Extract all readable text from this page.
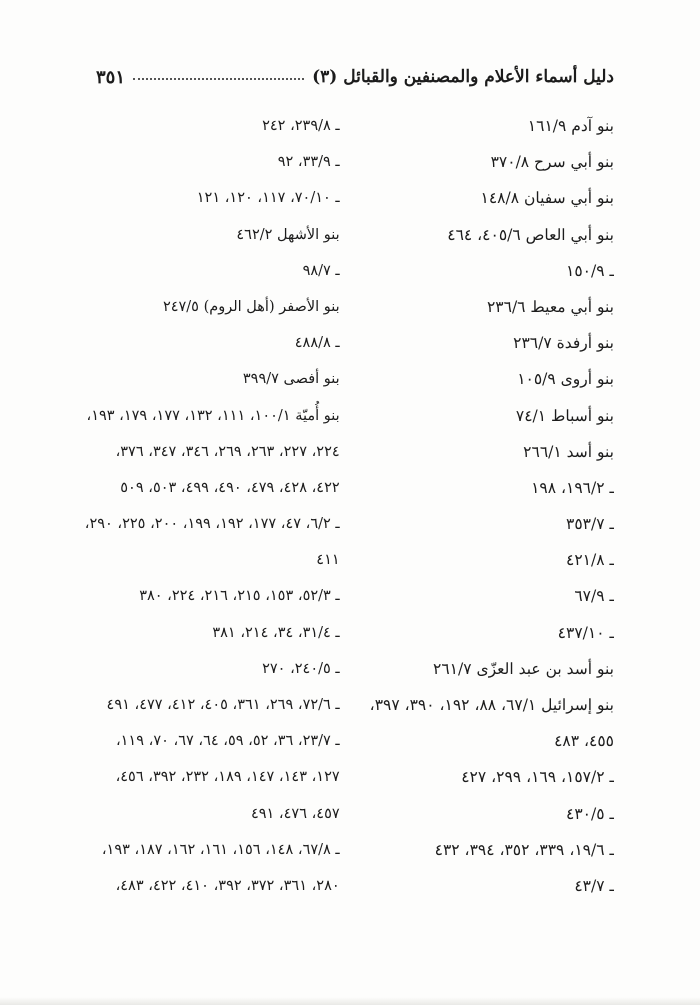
دليل أسماء الأعلام والمصنفين والقبائل (٣)
٣٥١
بنو آدم ١٦١/٩
بنو أبي سرح ٣٧٠/٨
بنو أبي سفيان ١٤٨/٨
بنو أبي العاص ٤٠٥/٦، ٤٦٤
ـ ١٥٠/٩
بنو أبي معيط ٢٣٦/٦
بنو أرفدة ٢٣٦/٧
بنو أروى ١٠٥/٩
بنو أسباط ٧٤/١
بنو أسد ٢٦٦/١
ـ ١٩٦/٢، ١٩٨
ـ ٣٥٣/٧
ـ ٤٢١/٨
ـ ٦٧/٩
ـ ٤٣٧/١٠
بنو أسد بن عبد العزّى ٢٦١/٧
بنو إسرائيل ٦٧/١، ٨٨، ١٩٢، ٣٩٠، ٣٩٧،
٤٥٥، ٤٨٣
ـ ١٥٧/٢، ١٦٩، ٢٩٩، ٤٢٧
ـ ٤٣٠/٥
ـ ١٩/٦، ٣٣٩، ٣٥٢، ٣٩٤، ٤٣٢
ـ ٤٣/٧
ـ ٢٣٩/٨، ٢٤٢
ـ ٣٣/٩، ٩٢
ـ ٧٠/١٠، ١١٧، ١٢٠، ١٢١
بنو الأشهل ٤٦٢/٢
ـ ٩٨/٧
بنو الأصفر (أهل الروم) ٢٤٧/٥
ـ ٤٨٨/٨
بنو أفصى ٣٩٩/٧
بنو أُميّة ١٠٠/١، ١١١، ١٣٢، ١٧٧، ١٧٩، ١٩٣،
٢٢٤، ٢٢٧، ٢٦٣، ٢٦٩، ٣٤٦، ٣٤٧، ٣٧٦،
٤٢٢، ٤٢٨، ٤٧٩، ٤٩٠، ٤٩٩، ٥٠٣، ٥٠٩
ـ ٦/٢، ٤٧، ١٧٧، ١٩٢، ١٩٩، ٢٠٠، ٢٢٥، ٢٩٠،
٤١١
ـ ٥٢/٣، ١٥٣، ٢١٥، ٢١٦، ٢٢٤، ٣٨٠
ـ ٣١/٤، ٣٤، ٢١٤، ٣٨١
ـ ٢٤٠/٥، ٢٧٠
ـ ٧٢/٦، ٢٦٩، ٣٦١، ٤٠٥، ٤١٢، ٤٧٧، ٤٩١
ـ ٢٣/٧، ٣٦، ٥٢، ٥٩، ٦٤، ٦٧، ٧٠، ١١٩،
١٢٧، ١٤٣، ١٤٧، ١٨٩، ٢٣٢، ٣٩٢، ٤٥٦،
٤٥٧، ٤٧٦، ٤٩١
ـ ٦٧/٨، ١٤٨، ١٥٦، ١٦١، ١٦٢، ١٨٧، ١٩٣،
٢٨٠، ٣٦١، ٣٧٢، ٣٩٢، ٤١٠، ٤٢٢، ٤٨٣،
